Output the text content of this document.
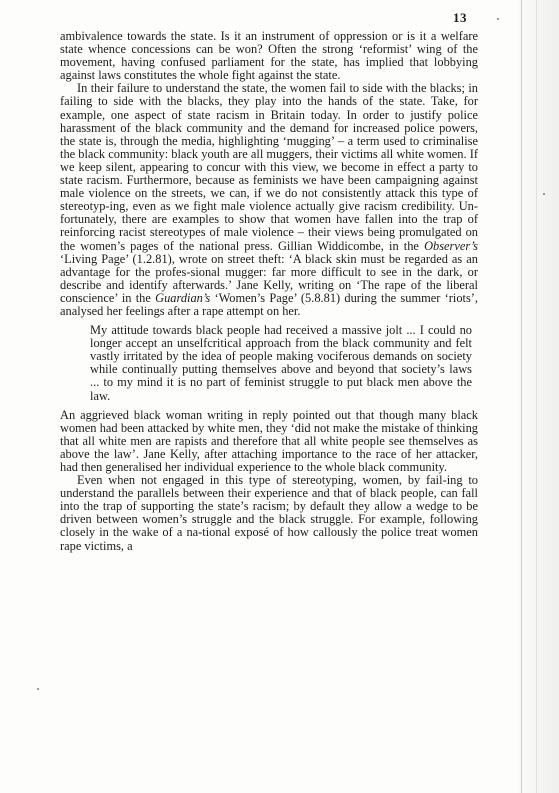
13

ambivalence towards the state. Is it an instrument of oppression or is it a welfare state whence concessions can be won? Often the strong ‘reformist’ wing of the movement, having confused parliament for the state, has implied that lobbying against laws constitutes the whole fight against the state.

In their failure to understand the state, the women fail to side with the blacks; in failing to side with the blacks, they play into the hands of the state. Take, for example, one aspect of state racism in Britain today. In order to justify police harassment of the black community and the demand for increased police powers, the state is, through the media, highlighting ‘mugging’ – a term used to criminalise the black community: black youth are all muggers, their victims all white women. If we keep silent, appearing to concur with this view, we become in effect a party to state racism. Furthermore, because as feminists we have been campaigning against male violence on the streets, we can, if we do not consistently attack this type of stereotyp-ing, even as we fight male violence actually give racism credibility. Un-fortunately, there are examples to show that women have fallen into the trap of reinforcing racist stereotypes of male violence – their views being promulgated on the women’s pages of the national press. Gillian Widdicombe, in the Observer’s ‘Living Page’ (1.2.81), wrote on street theft: ‘A black skin must be regarded as an advantage for the profes-sional mugger: far more difficult to see in the dark, or describe and identify afterwards.’ Jane Kelly, writing on ‘The rape of the liberal conscience’ in the Guardian’s ‘Women’s Page’ (5.8.81) during the summer ‘riots’, analysed her feelings after a rape attempt on her.

My attitude towards black people had received a massive jolt ... I could no longer accept an unselfcritical approach from the black community and felt vastly irritated by the idea of people making vociferous demands on society while continually putting themselves above and beyond that society’s laws ... to my mind it is no part of feminist struggle to put black men above the law.

An aggrieved black woman writing in reply pointed out that though many black women had been attacked by white men, they ‘did not make the mistake of thinking that all white men are rapists and therefore that all white people see themselves as above the law’. Jane Kelly, after attaching importance to the race of her attacker, had then generalised her individual experience to the whole black community.

Even when not engaged in this type of stereotyping, women, by fail-ing to understand the parallels between their experience and that of black people, can fall into the trap of supporting the state’s racism; by default they allow a wedge to be driven between women’s struggle and the black struggle. For example, following closely in the wake of a na-tional exposé of how callously the police treat women rape victims, a
